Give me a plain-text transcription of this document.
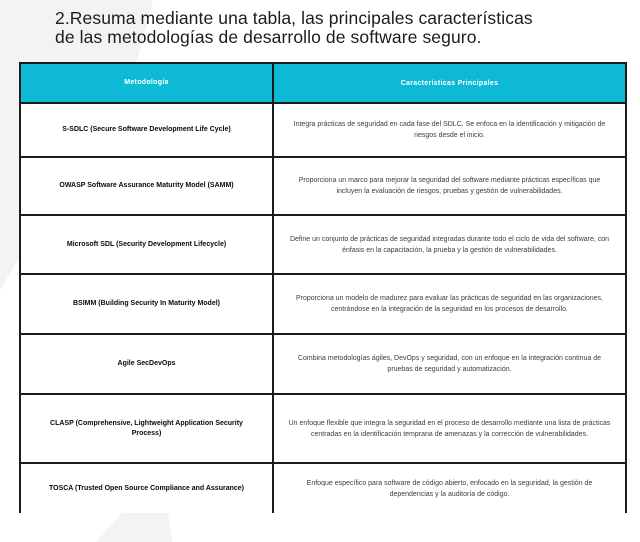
2.Resuma mediante una tabla, las principales características
de las metodologías de desarrollo de software seguro.
Metodología	Características Principales
S-SDLC (Secure Software Development Life Cycle)
Integra prácticas de seguridad en cada fase del SDLC. Se enfoca en la identificación y mitigación de riesgos desde el inicio.
OWASP Software Assurance Maturity Model (SAMM)
Proporciona un marco para mejorar la seguridad del software mediante prácticas específicas que incluyen la evaluación de riesgos, pruebas y gestión de vulnerabilidades.
Microsoft SDL (Security Development Lifecycle)
Define un conjunto de prácticas de seguridad integradas durante todo el ciclo de vida del software, con énfasis en la capacitación, la prueba y la gestión de vulnerabilidades.
BSIMM (Building Security In Maturity Model)
Proporciona un modelo de madurez para evaluar las prácticas de seguridad en las organizaciones, centrándose en la integración de la seguridad en los procesos de desarrollo.
Agile SecDevOps
Combina metodologías ágiles, DevOps y seguridad, con un enfoque en la integración continua de pruebas de seguridad y automatización.
CLASP (Comprehensive, Lightweight Application Security Process)
Un enfoque flexible que integra la seguridad en el proceso de desarrollo mediante una lista de prácticas centradas en la identificación temprana de amenazas y la corrección de vulnerabilidades.
TOSCA (Trusted Open Source Compliance and Assurance)
Enfoque específico para software de código abierto, enfocado en la seguridad, la gestión de dependencias y la auditoría de código.
